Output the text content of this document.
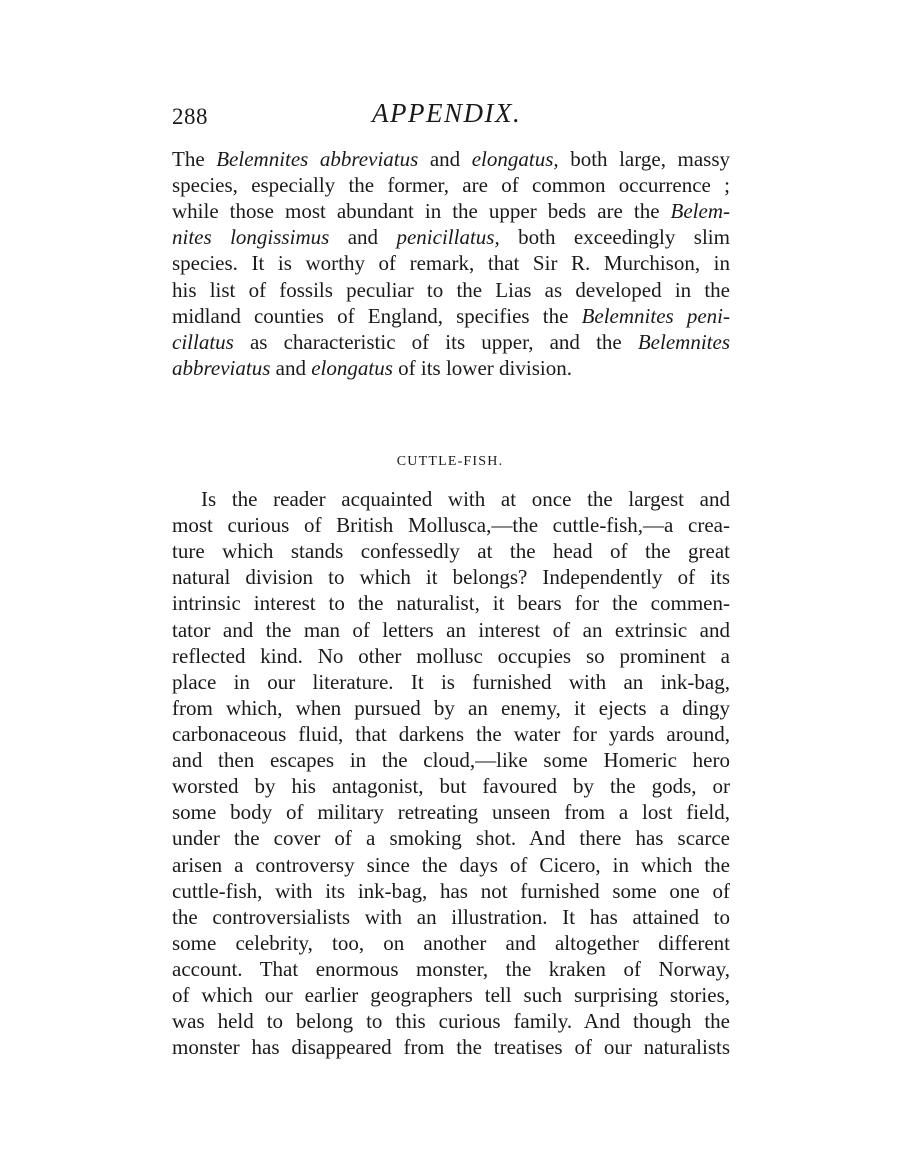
288	APPENDIX.
The Belemnites abbreviatus and elongatus, both large, massy
species, especially the former, are of common occurrence ;
while those most abundant in the upper beds are the Belem-
nites longissimus and penicillatus, both exceedingly slim
species. It is worthy of remark, that Sir R. Murchison, in
his list of fossils peculiar to the Lias as developed in the
midland counties of England, specifies the Belemnites peni-
cillatus as characteristic of its upper, and the Belemnites
abbreviatus and elongatus of its lower division.
CUTTLE-FISH.
Is the reader acquainted with at once the largest and
most curious of British Mollusca,—the cuttle-fish,—a crea-
ture which stands confessedly at the head of the great
natural division to which it belongs? Independently of its
intrinsic interest to the naturalist, it bears for the commen-
tator and the man of letters an interest of an extrinsic and
reflected kind. No other mollusc occupies so prominent a
place in our literature. It is furnished with an ink-bag,
from which, when pursued by an enemy, it ejects a dingy
carbonaceous fluid, that darkens the water for yards around,
and then escapes in the cloud,—like some Homeric hero
worsted by his antagonist, but favoured by the gods, or
some body of military retreating unseen from a lost field,
under the cover of a smoking shot. And there has scarce
arisen a controversy since the days of Cicero, in which the
cuttle-fish, with its ink-bag, has not furnished some one of
the controversialists with an illustration. It has attained to
some celebrity, too, on another and altogether different
account. That enormous monster, the kraken of Norway,
of which our earlier geographers tell such surprising stories,
was held to belong to this curious family. And though the
monster has disappeared from the treatises of our naturalists
